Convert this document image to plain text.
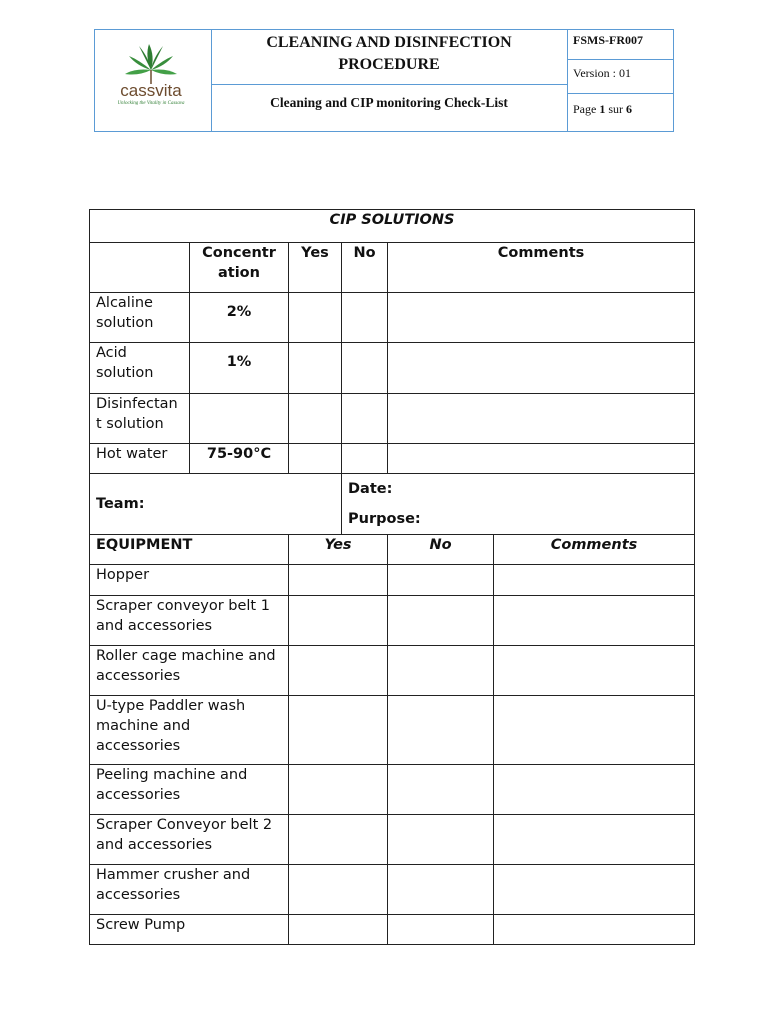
cassvita
Unlocking the Vitality in Cassava
CLEANING AND DISINFECTION
PROCEDURE
Cleaning and CIP monitoring Check-List
FSMS-FR007
Version : 01
Page 1 sur 6
CIP SOLUTIONS					
	Concentr ation	Yes	No	Comments	
Alcaline solution	2%				
Acid solution	1%				
Disinfectant solution					
Hot water	75-90°C				
Team:			Date:
Purpose:		
EQUIPMENT		Yes		No	Comments
Hopper					
Scraper conveyor belt 1 and accessories					
Roller cage machine and accessories					
U-type Paddler wash machine and accessories					
Peeling machine and accessories					
Scraper Conveyor belt 2 and accessories					
Hammer crusher and accessories					
Screw Pump					
